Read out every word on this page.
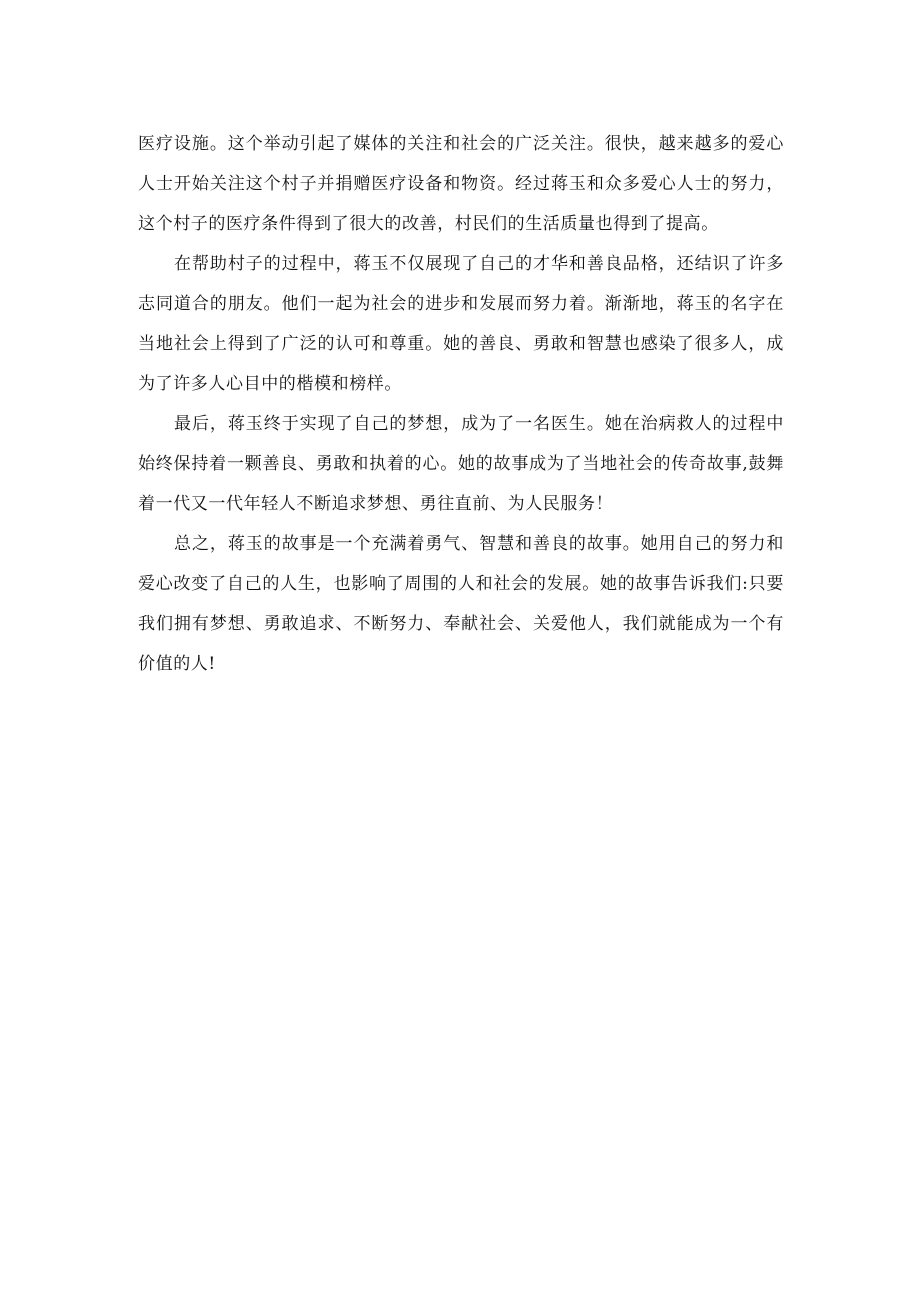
医疗设施。这个举动引起了媒体的关注和社会的广泛关注。很快，越来越多的爱心人士开始关注这个村子并捐赠医疗设备和物资。经过蒋玉和众多爱心人士的努力，这个村子的医疗条件得到了很大的改善，村民们的生活质量也得到了提高。

在帮助村子的过程中，蒋玉不仅展现了自己的才华和善良品格，还结识了许多志同道合的朋友。他们一起为社会的进步和发展而努力着。渐渐地，蒋玉的名字在当地社会上得到了广泛的认可和尊重。她的善良、勇敢和智慧也感染了很多人，成为了许多人心目中的楷模和榜样。

最后，蒋玉终于实现了自己的梦想，成为了一名医生。她在治病救人的过程中始终保持着一颗善良、勇敢和执着的心。她的故事成为了当地社会的传奇故事,鼓舞着一代又一代年轻人不断追求梦想、勇往直前、为人民服务！

总之，蒋玉的故事是一个充满着勇气、智慧和善良的故事。她用自己的努力和爱心改变了自己的人生，也影响了周围的人和社会的发展。她的故事告诉我们:只要我们拥有梦想、勇敢追求、不断努力、奉献社会、关爱他人，我们就能成为一个有价值的人!
